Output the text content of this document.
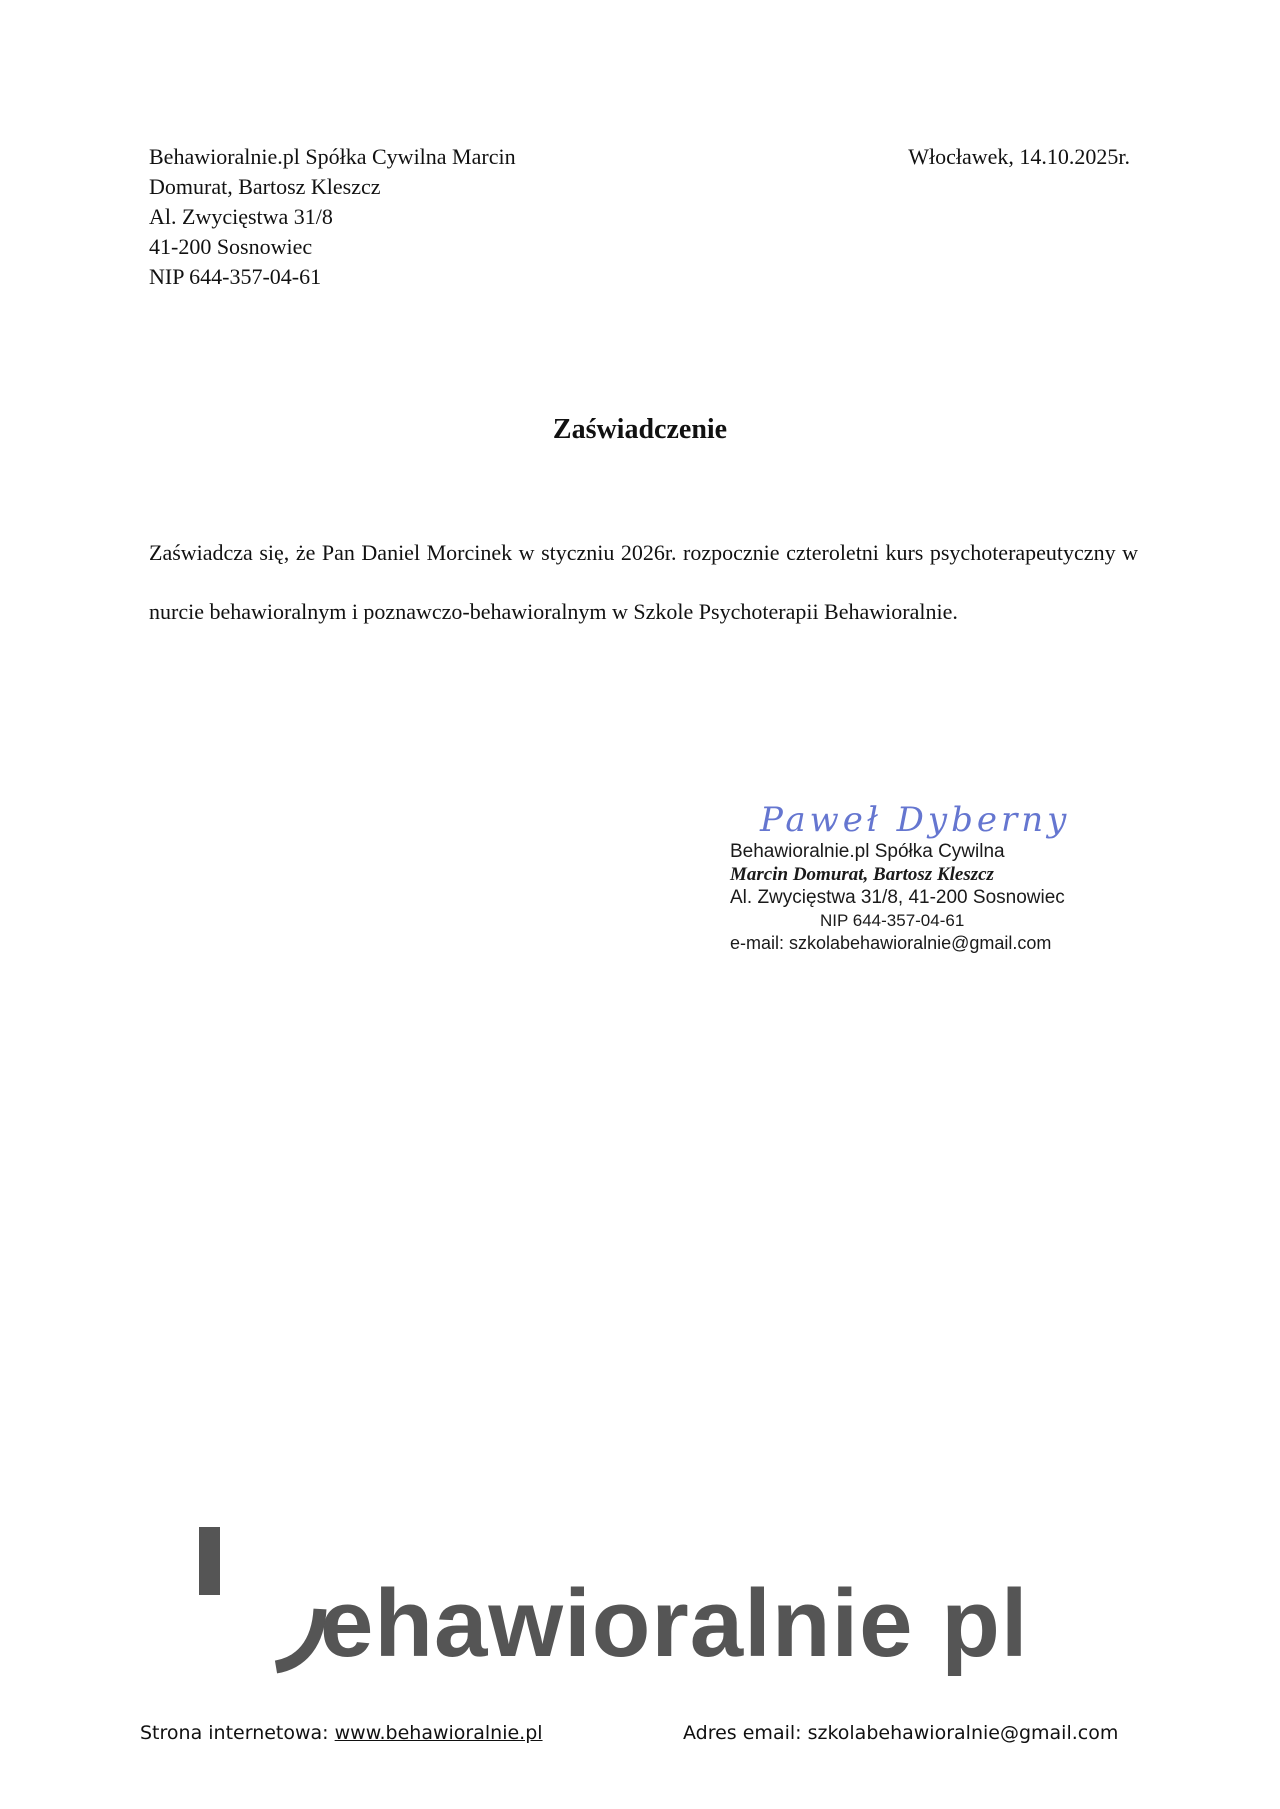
Behawioralnie.pl Spółka Cywilna Marcin
Domurat, Bartosz Kleszcz
Al. Zwycięstwa 31/8
41-200 Sosnowiec
NIP 644-357-04-61
Włocławek, 14.10.2025r.
Zaświadczenie
Zaświadcza się, że Pan Daniel Morcinek w styczniu 2026r. rozpocznie czteroletni kurs psychoterapeutyczny w nurcie behawioralnym i poznawczo-behawioralnym w Szkole Psychoterapii Behawioralnie.
Behawioralnie.pl Spółka Cywilna
Marcin Domurat, Bartosz Kleszcz
Al. Zwycięstwa 31/8, 41-200 Sosnowiec
NIP 644-357-04-61
e-mail: szkolabehawioralnie@gmail.com
Paweł Dyberny
ehawioralnie pl
Strona internetowa: www.behawioralnie.pl	Adres email: szkolabehawioralnie@gmail.com
